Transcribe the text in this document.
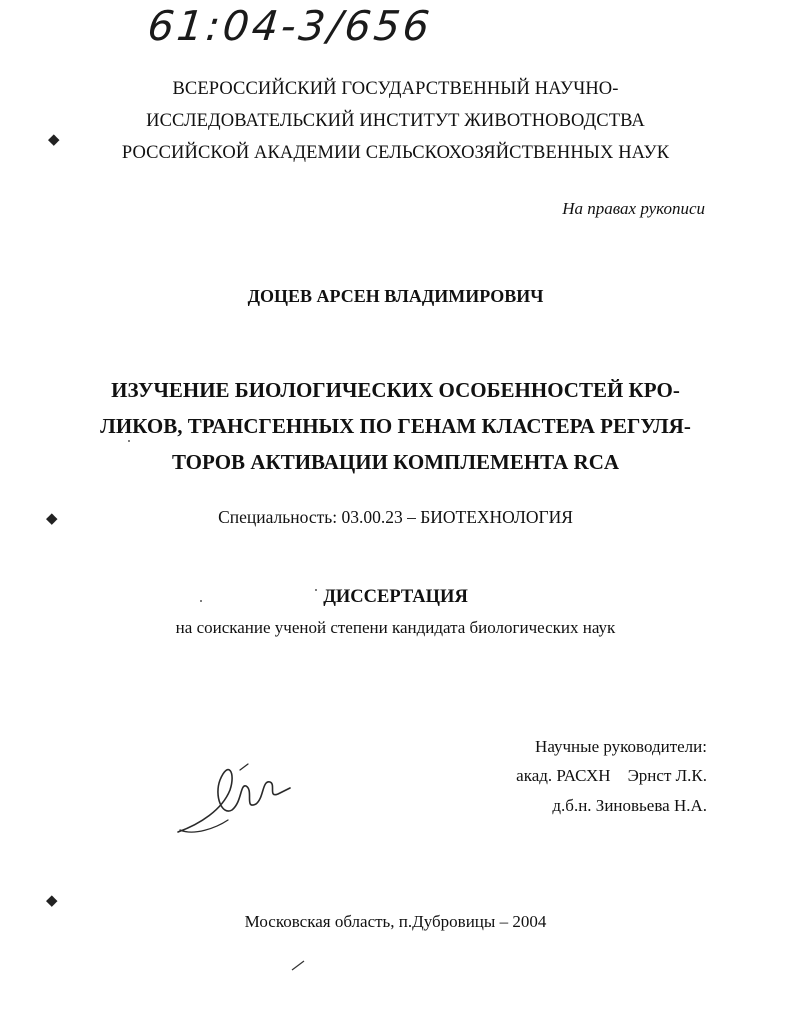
61:04-3/656
ВСЕРОССИЙСКИЙ ГОСУДАРСТВЕННЫЙ НАУЧНО-
ИССЛЕДОВАТЕЛЬСКИЙ ИНСТИТУТ ЖИВОТНОВОДСТВА
РОССИЙСКОЙ АКАДЕМИИ СЕЛЬСКОХОЗЯЙСТВЕННЫХ НАУК
◆
◆
◆
На правах рукописи
ДОЦЕВ АРСЕН ВЛАДИМИРОВИЧ
ИЗУЧЕНИЕ БИОЛОГИЧЕСКИХ ОСОБЕННОСТЕЙ КРО-
ЛИКОВ, ТРАНСГЕННЫХ ПО ГЕНАМ КЛАСТЕРА РЕГУЛЯ-
ТОРОВ АКТИВАЦИИ КОМПЛЕМЕНТА RCA
Специальность: 03.00.23 – БИОТЕХНОЛОГИЯ
ДИССЕРТАЦИЯ
на соискание ученой степени кандидата биологических наук
Научные руководители:
акад. РАСХН    Эрнст Л.К.
д.б.н. Зиновьева Н.А.
Московская область, п.Дубровицы – 2004
